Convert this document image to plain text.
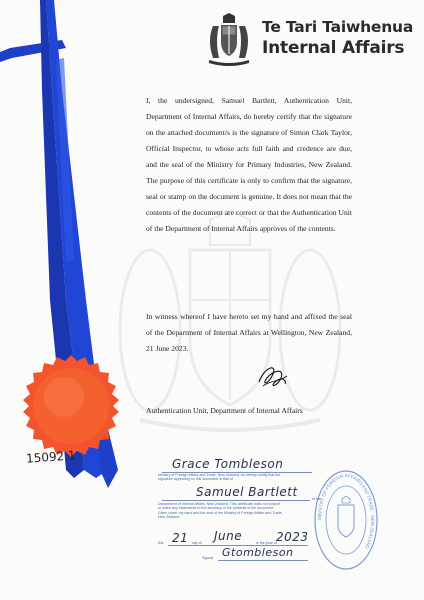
Te Tari Taiwhenua
Internal Affairs

I, the undersigned, Samuel Bartlett, Authentication Unit, Department of Internal Affairs, do hereby certify that the signature on the attached document/s is the signature of Simon Clark Taylor, Official Inspector, to whose acts full faith and credence are due, and the seal of the Ministry for Primary Industries, New Zealand. The purpose of this certificate is only to confirm that the signature, seal or stamp on the document is genuine. It does not mean that the contents of the document are correct or that the Authentication Unit of the Department of Internal Affairs approves of the contents.

In witness whereof I have hereto set my hand and affixed the seal of the Department of Internal Affairs at Wellington, New Zealand, 21 June 2023.

Authentication Unit, Department of Internal Affairs

15092.1	Grace Tombleson
Ministry of Foreign Affairs and Trade, New Zealand, do hereby certify that the
signature appearing on this document is that of
Samuel Bartlett	of the
Department of Internal Affairs, New Zealand. This certificate does not purport
or make any statements to the accuracy of the contents of the document.
Given under my hand and the seal of the Ministry of Foreign Affairs and Trade,
New Zealand.
this 21 day of June	in the year of 2023
Signed Gtombleson
MINISTRY OF FOREIGN AFFAIRS AND TRADE · NEW ZEALAND
